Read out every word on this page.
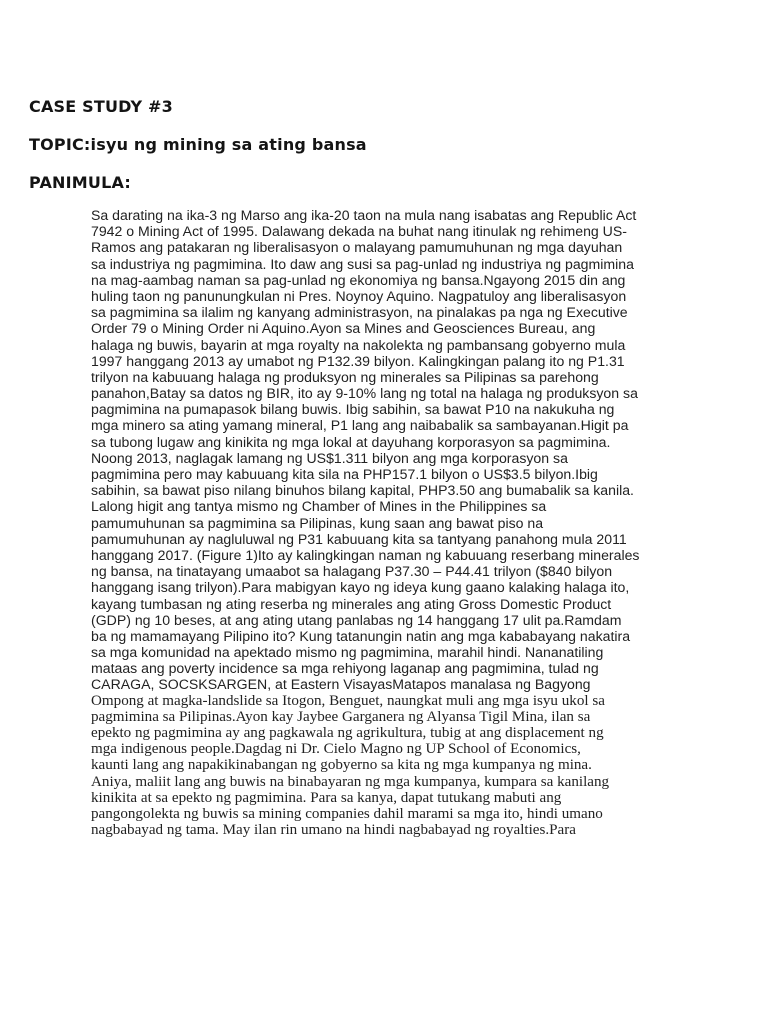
CASE STUDY #3
TOPIC:isyu ng mining sa ating bansa
PANIMULA:
Sa darating na ika-3 ng Marso ang ika-20 taon na mula nang isabatas ang Republic Act
7942 o Mining Act of 1995. Dalawang dekada na buhat nang itinulak ng rehimeng US-
Ramos ang patakaran ng liberalisasyon o malayang pamumuhunan ng mga dayuhan
sa industriya ng pagmimina. Ito daw ang susi sa pag-unlad ng industriya ng pagmimina
na mag-aambag naman sa pag-unlad ng ekonomiya ng bansa.Ngayong 2015 din ang
huling taon ng panunungkulan ni Pres. Noynoy Aquino. Nagpatuloy ang liberalisasyon
sa pagmimina sa ilalim ng kanyang administrasyon, na pinalakas pa nga ng Executive
Order 79 o Mining Order ni Aquino.Ayon sa Mines and Geosciences Bureau, ang
halaga ng buwis, bayarin at mga royalty na nakolekta ng pambansang gobyerno mula
1997 hanggang 2013 ay umabot ng P132.39 bilyon. Kalingkingan palang ito ng P1.31
trilyon na kabuuang halaga ng produksyon ng minerales sa Pilipinas sa parehong
panahon,Batay sa datos ng BIR, ito ay 9-10% lang ng total na halaga ng produksyon sa
pagmimina na pumapasok bilang buwis. Ibig sabihin, sa bawat P10 na nakukuha ng
mga minero sa ating yamang mineral, P1 lang ang naibabalik sa sambayanan.Higit pa
sa tubong lugaw ang kinikita ng mga lokal at dayuhang korporasyon sa pagmimina.
Noong 2013, naglagak lamang ng US$1.311 bilyon ang mga korporasyon sa
pagmimina pero may kabuuang kita sila na PHP157.1 bilyon o US$3.5 bilyon.Ibig
sabihin, sa bawat piso nilang binuhos bilang kapital, PHP3.50 ang bumabalik sa kanila.
Lalong higit ang tantya mismo ng Chamber of Mines in the Philippines sa
pamumuhunan sa pagmimina sa Pilipinas, kung saan ang bawat piso na
pamumuhunan ay nagluluwal ng P31 kabuuang kita sa tantyang panahong mula 2011
hanggang 2017. (Figure 1)Ito ay kalingkingan naman ng kabuuang reserbang minerales
ng bansa, na tinatayang umaabot sa halagang P37.30 – P44.41 trilyon ($840 bilyon
hanggang isang trilyon).Para mabigyan kayo ng ideya kung gaano kalaking halaga ito,
kayang tumbasan ng ating reserba ng minerales ang ating Gross Domestic Product
(GDP) ng 10 beses, at ang ating utang panlabas ng 14 hanggang 17 ulit pa.Ramdam
ba ng mamamayang Pilipino ito? Kung tatanungin natin ang mga kababayang nakatira
sa mga komunidad na apektado mismo ng pagmimina, marahil hindi. Nananatiling
mataas ang poverty incidence sa mga rehiyong laganap ang pagmimina, tulad ng
CARAGA, SOCSKSARGEN, at Eastern VisayasMatapos manalasa ng Bagyong
Ompong at magka-landslide sa Itogon, Benguet, naungkat muli ang mga isyu ukol sa
pagmimina sa Pilipinas.Ayon kay Jaybee Garganera ng Alyansa Tigil Mina, ilan sa
epekto ng pagmimina ay ang pagkawala ng agrikultura, tubig at ang displacement ng
mga indigenous people.Dagdag ni Dr. Cielo Magno ng UP School of Economics,
kaunti lang ang napakikinabangan ng gobyerno sa kita ng mga kumpanya ng mina.
Aniya, maliit lang ang buwis na binabayaran ng mga kumpanya, kumpara sa kanilang
kinikita at sa epekto ng pagmimina. Para sa kanya, dapat tutukang mabuti ang
pangongolekta ng buwis sa mining companies dahil marami sa mga ito, hindi umano
nagbabayad ng tama. May ilan rin umano na hindi nagbabayad ng royalties.Para
